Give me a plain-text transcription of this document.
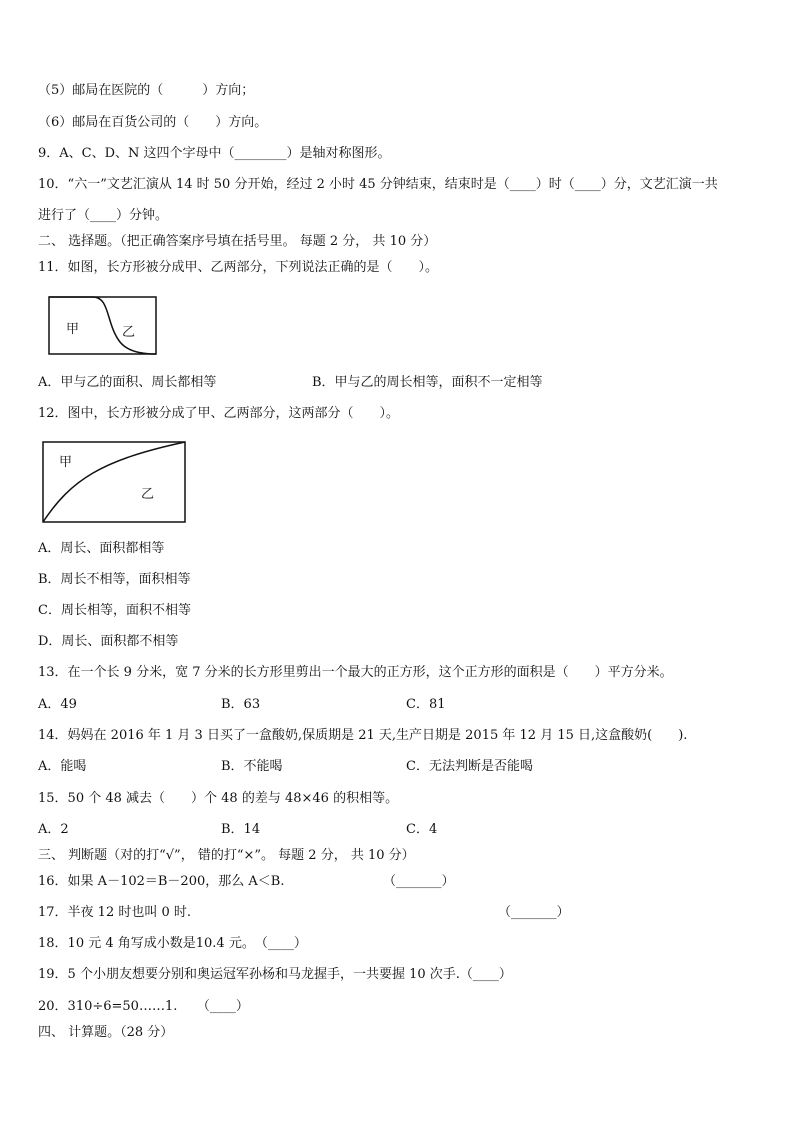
（5）邮局在医院的（　　　）方向；
（6）邮局在百货公司的（　　）方向。
9．A、C、D、N 这四个字母中（________）是轴对称图形。
10．“六一”文艺汇演从 14 时 50 分开始，经过 2 小时 45 分钟结束，结束时是（____）时（____）分，文艺汇演一共
进行了（____）分钟。
二、 选择题。（把正确答案序号填在括号里。 每题 2 分， 共 10 分）
11．如图，长方形被分成甲、乙两部分，下列说法正确的是（　　）。
甲	乙
A．甲与乙的面积、周长都相等	B．甲与乙的周长相等，面积不一定相等
12．图中，长方形被分成了甲、乙两部分，这两部分（　　）。
甲
乙
A．周长、面积都相等
B．周长不相等，面积相等
C．周长相等，面积不相等
D．周长、面积都不相等
13．在一个长 9 分米，宽 7 分米的长方形里剪出一个最大的正方形，这个正方形的面积是（　　）平方分米。
A．49	B．63	C．81
14．妈妈在 2016 年 1 月 3 日买了一盒酸奶,保质期是 21 天,生产日期是 2015 年 12 月 15 日,这盒酸奶(　　).
A．能喝	B．不能喝	C．无法判断是否能喝
15．50 个 48 减去（　　）个 48 的差与 48×46 的积相等。
A．2	B．14	C．4
三、 判断题（对的打“√”， 错的打“×”。 每题 2 分， 共 10 分）
16．如果 A－102＝B－200，那么 A＜B.	（_______）
17．半夜 12 时也叫 0 时.	（_______）
18．10 元 4 角写成小数是10.4 元。　（____）
19．5 个小朋友想要分别和奥运冠军孙杨和马龙握手，一共要握 10 次手.（____）
20．310÷6=50……1.　　（____）
四、 计算题。（28 分）
